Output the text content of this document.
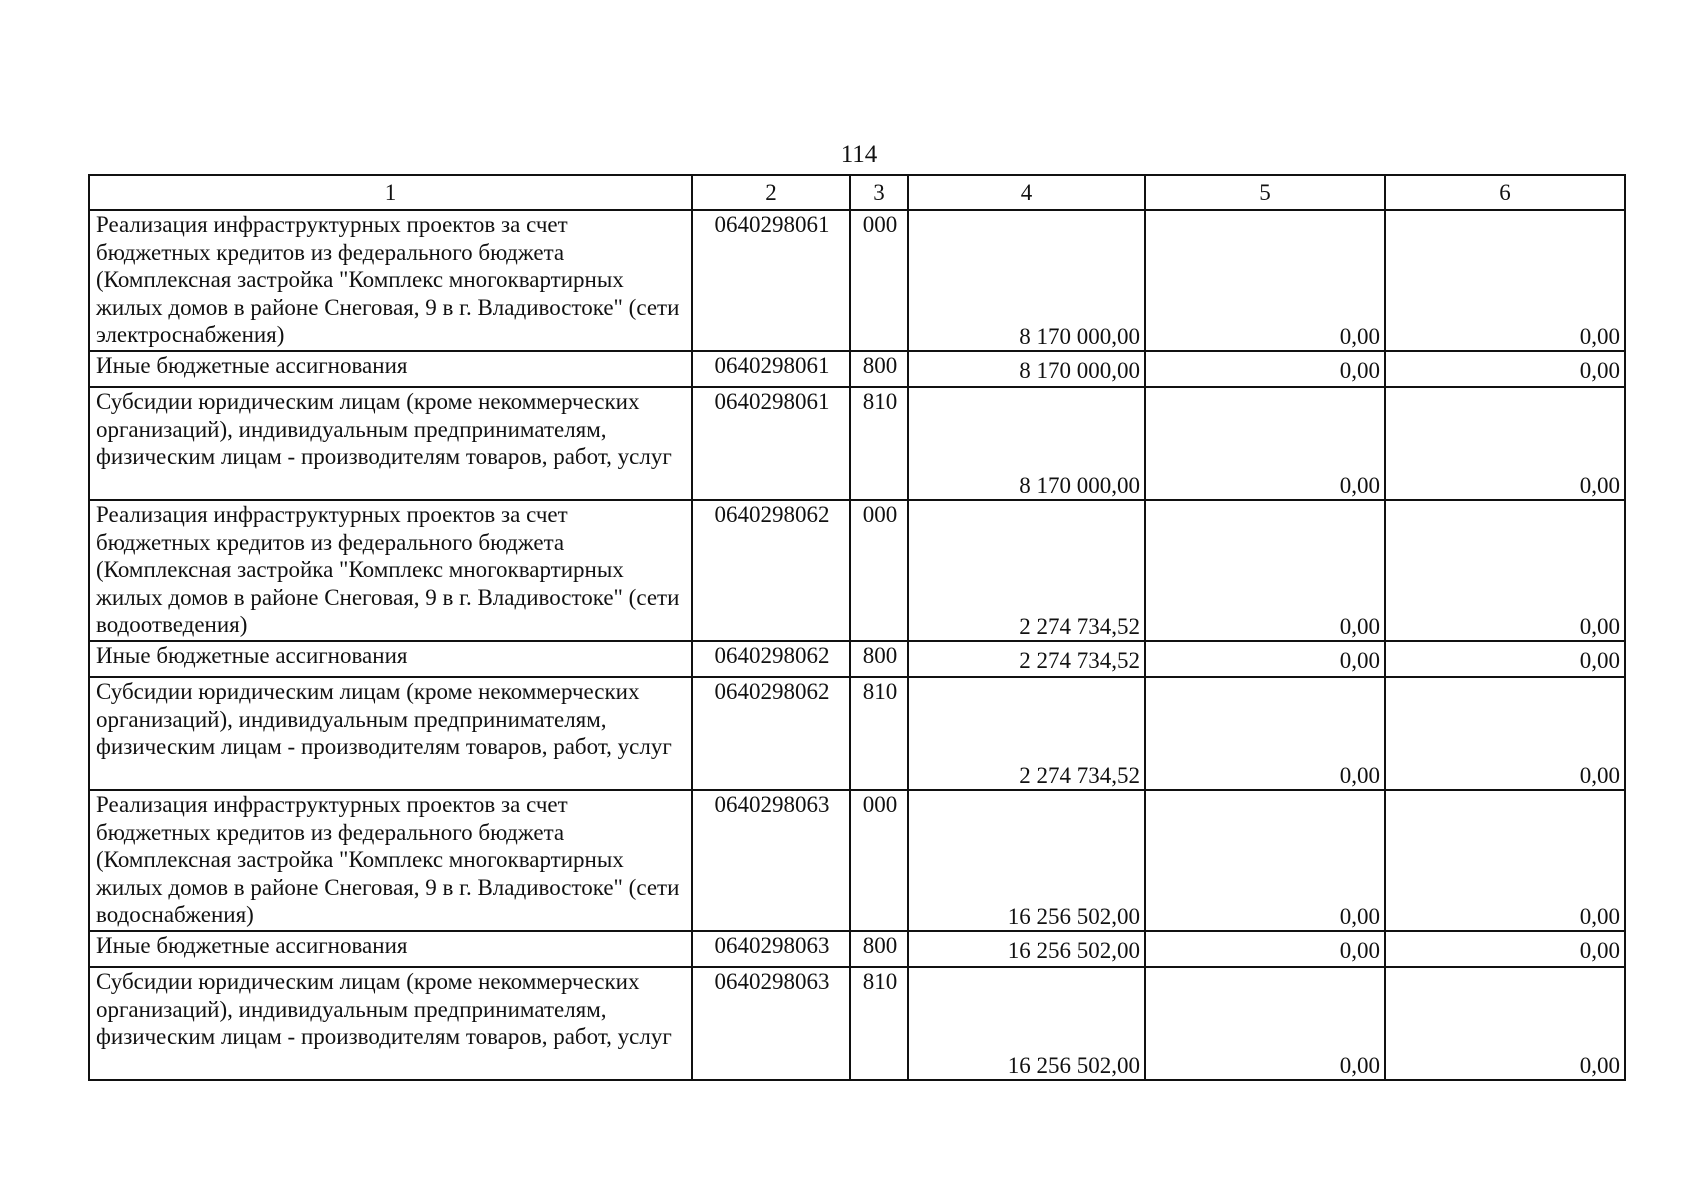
114
1	2	3	4	5	6
Реализация инфраструктурных проектов за счет бюджетных кредитов из федерального бюджета (Комплексная застройка "Комплекс многоквартирных жилых домов в районе Снеговая, 9 в г. Владивостоке" (сети электроснабжения)	0640298061	000	8 170 000,00	0,00	0,00
Иные бюджетные ассигнования	0640298061	800	8 170 000,00	0,00	0,00
Субсидии юридическим лицам (кроме некоммерческих организаций), индивидуальным предпринимателям, физическим лицам - производителям товаров, работ, услуг	0640298061	810	8 170 000,00	0,00	0,00
Реализация инфраструктурных проектов за счет бюджетных кредитов из федерального бюджета (Комплексная застройка "Комплекс многоквартирных жилых домов в районе Снеговая, 9 в г. Владивостоке" (сети водоотведения)	0640298062	000	2 274 734,52	0,00	0,00
Иные бюджетные ассигнования	0640298062	800	2 274 734,52	0,00	0,00
Субсидии юридическим лицам (кроме некоммерческих организаций), индивидуальным предпринимателям, физическим лицам - производителям товаров, работ, услуг	0640298062	810	2 274 734,52	0,00	0,00
Реализация инфраструктурных проектов за счет бюджетных кредитов из федерального бюджета (Комплексная застройка "Комплекс многоквартирных жилых домов в районе Снеговая, 9 в г. Владивостоке" (сети водоснабжения)	0640298063	000	16 256 502,00	0,00	0,00
Иные бюджетные ассигнования	0640298063	800	16 256 502,00	0,00	0,00
Субсидии юридическим лицам (кроме некоммерческих организаций), индивидуальным предпринимателям, физическим лицам - производителям товаров, работ, услуг	0640298063	810	16 256 502,00	0,00	0,00
